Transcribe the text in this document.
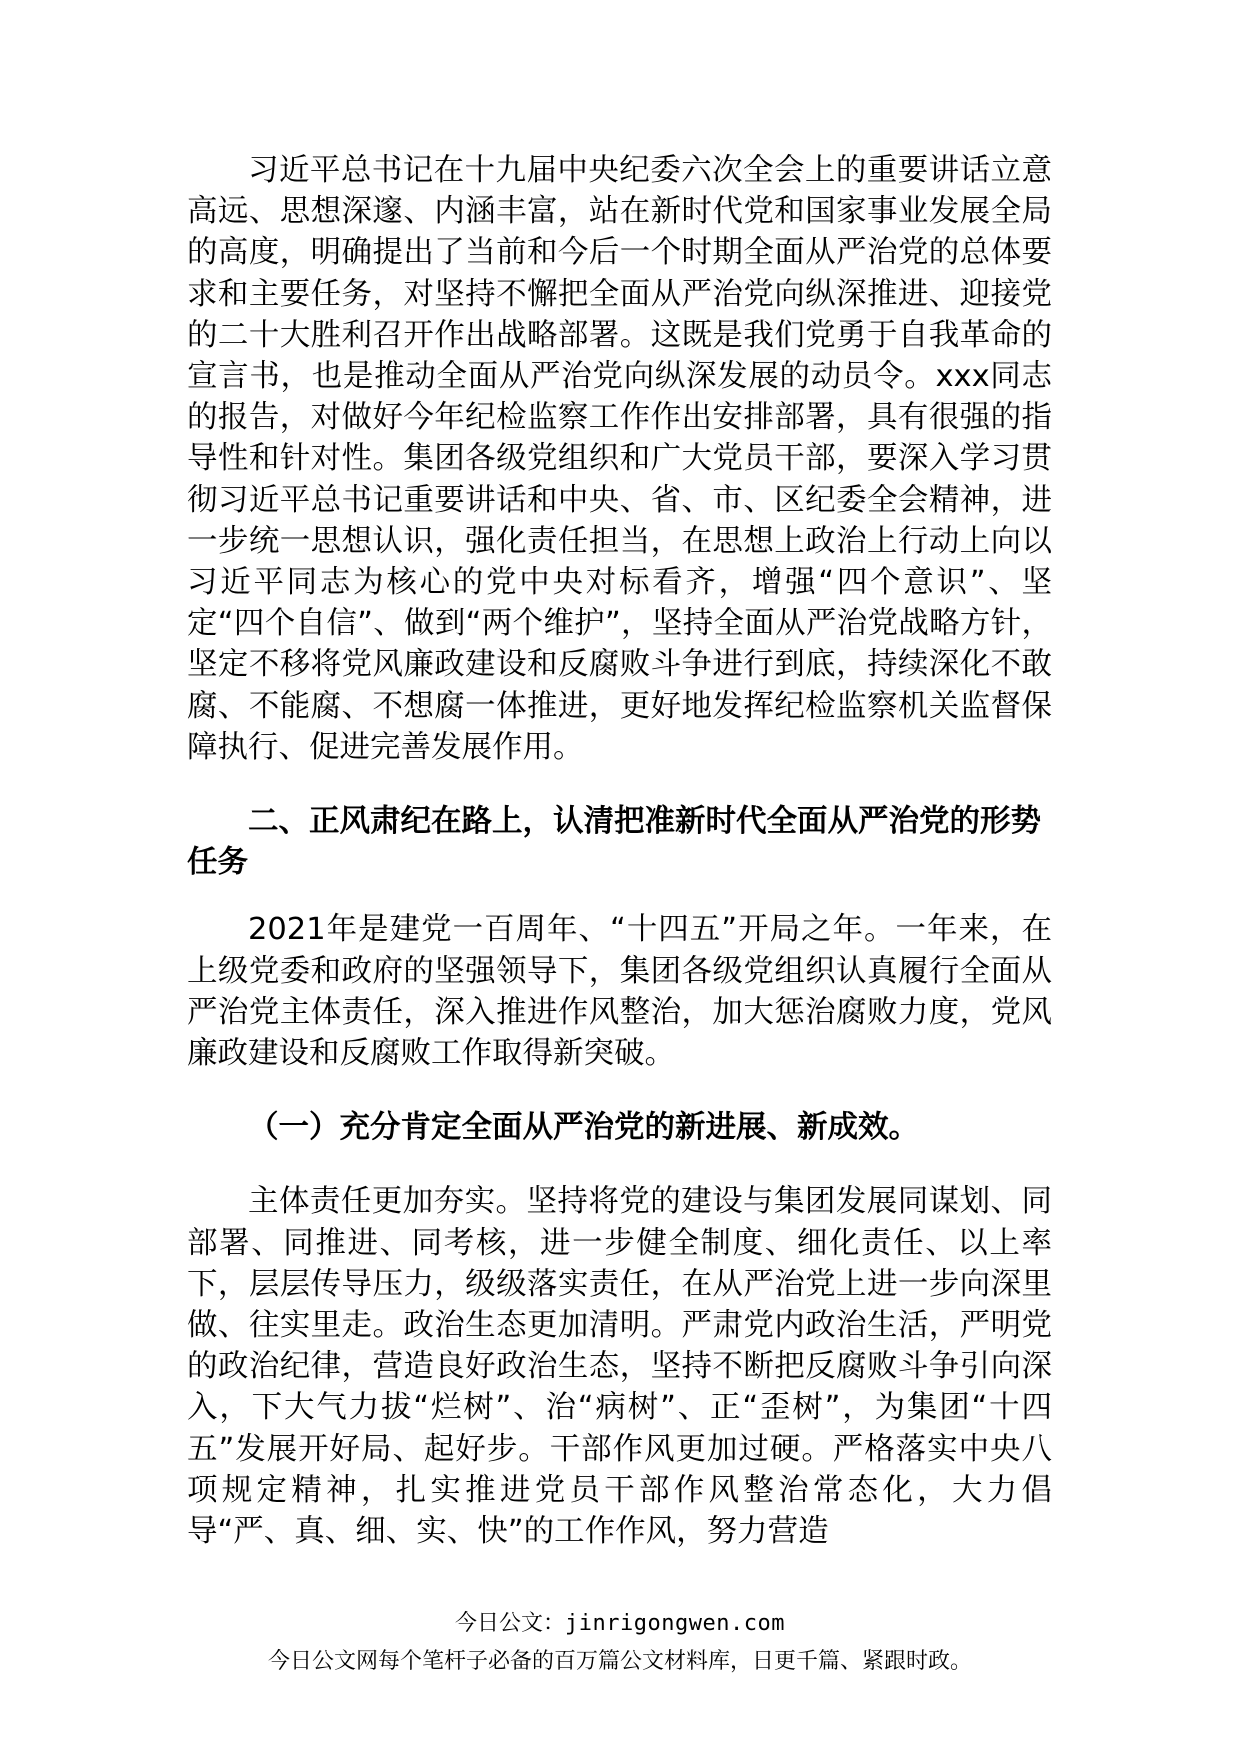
习近平总书记在十九届中央纪委六次全会上的重要讲话立意高远、思想深邃、内涵丰富，站在新时代党和国家事业发展全局的高度，明确提出了当前和今后一个时期全面从严治党的总体要求和主要任务，对坚持不懈把全面从严治党向纵深推进、迎接党的二十大胜利召开作出战略部署。这既是我们党勇于自我革命的宣言书，也是推动全面从严治党向纵深发展的动员令。xxx同志的报告，对做好今年纪检监察工作作出安排部署，具有很强的指导性和针对性。集团各级党组织和广大党员干部，要深入学习贯彻习近平总书记重要讲话和中央、省、市、区纪委全会精神，进一步统一思想认识，强化责任担当，在思想上政治上行动上向以习近平同志为核心的党中央对标看齐，增强“四个意识”、坚定“四个自信”、做到“两个维护”，坚持全面从严治党战略方针，坚定不移将党风廉政建设和反腐败斗争进行到底，持续深化不敢腐、不能腐、不想腐一体推进，更好地发挥纪检监察机关监督保障执行、促进完善发展作用。

二、正风肃纪在路上，认清把准新时代全面从严治党的形势任务

2021年是建党一百周年、“十四五”开局之年。一年来，在上级党委和政府的坚强领导下，集团各级党组织认真履行全面从严治党主体责任，深入推进作风整治，加大惩治腐败力度，党风廉政建设和反腐败工作取得新突破。

（一）充分肯定全面从严治党的新进展、新成效。

主体责任更加夯实。坚持将党的建设与集团发展同谋划、同部署、同推进、同考核，进一步健全制度、细化责任、以上率下，层层传导压力，级级落实责任，在从严治党上进一步向深里做、往实里走。政治生态更加清明。严肃党内政治生活，严明党的政治纪律，营造良好政治生态，坚持不断把反腐败斗争引向深入，下大气力拔“烂树”、治“病树”、正“歪树”，为集团“十四五”发展开好局、起好步。干部作风更加过硬。严格落实中央八项规定精神，扎实推进党员干部作风整治常态化，大力倡导“严、真、细、实、快”的工作作风，努力营造

今日公文：jinrigongwen.com
今日公文网每个笔杆子必备的百万篇公文材料库，日更千篇、紧跟时政。
